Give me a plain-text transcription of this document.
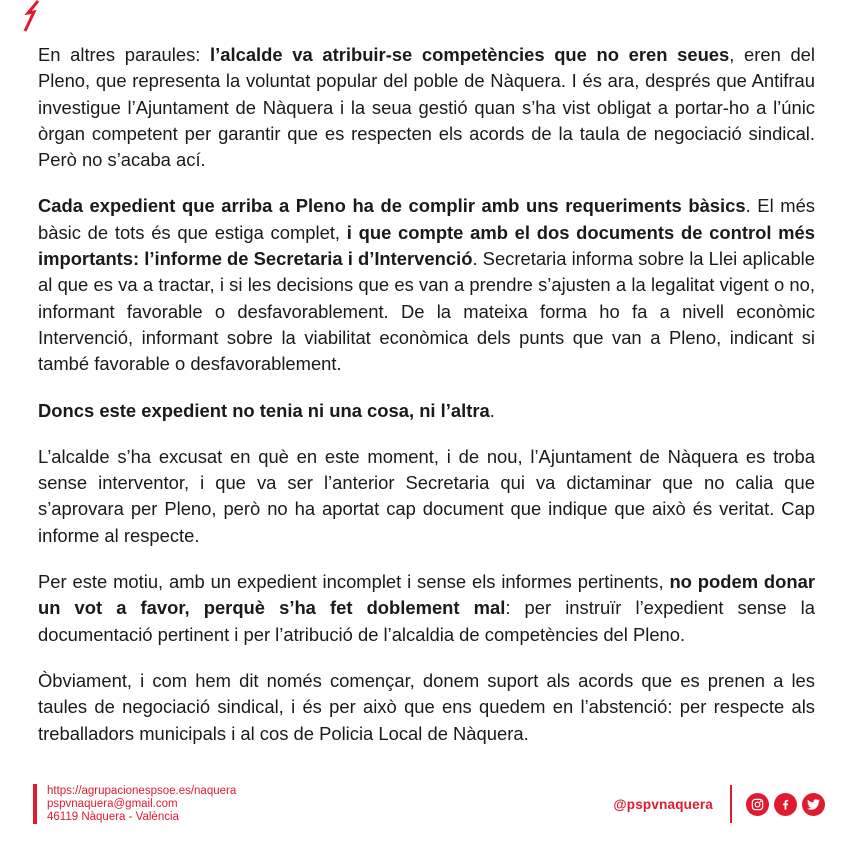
En altres paraules: l’alcalde va atribuir-se competències que no eren seues, eren del Pleno, que representa la voluntat popular del poble de Nàquera. I és ara, després que Antifrau investigue l’Ajuntament de Nàquera i la seua gestió quan s’ha vist obligat a portar-ho a l’únic òrgan competent per garantir que es respecten els acords de la taula de negociació sindical. Però no s’acaba ací.

Cada expedient que arriba a Pleno ha de complir amb uns requeriments bàsics. El més bàsic de tots és que estiga complet, i que compte amb el dos documents de control més importants: l’informe de Secretaria i d’Intervenció. Secretaria informa sobre la Llei aplicable al que es va a tractar, i si les decisions que es van a prendre s’ajusten a la legalitat vigent o no, informant favorable o desfavorablement. De la mateixa forma ho fa a nivell econòmic Intervenció, informant sobre la viabilitat econòmica dels punts que van a Pleno, indicant si també favorable o desfavorablement.

Doncs este expedient no tenia ni una cosa, ni l’altra.

L’alcalde s’ha excusat en què en este moment, i de nou, l’Ajuntament de Nàquera es troba sense interventor, i que va ser l’anterior Secretaria qui va dictaminar que no calia que s’aprovara per Pleno, però no ha aportat cap document que indique que això és veritat. Cap informe al respecte.

Per este motiu, amb un expedient incomplet i sense els informes pertinents, no podem donar un vot a favor, perquè s’ha fet doblement mal: per instruïr l’expedient sense la documentació pertinent i per l’atribució de l’alcaldia de competències del Pleno.

Òbviament, i com hem dit només començar, donem suport als acords que es prenen a les taules de negociació sindical, i és per això que ens quedem en l’abstenció: per respecte als treballadors municipals i al cos de Policia Local de Nàquera.

https://agrupacionespsoe.es/naquera
pspvnaquera@gmail.com
46119 Nàquera - València
@pspvnaquera
